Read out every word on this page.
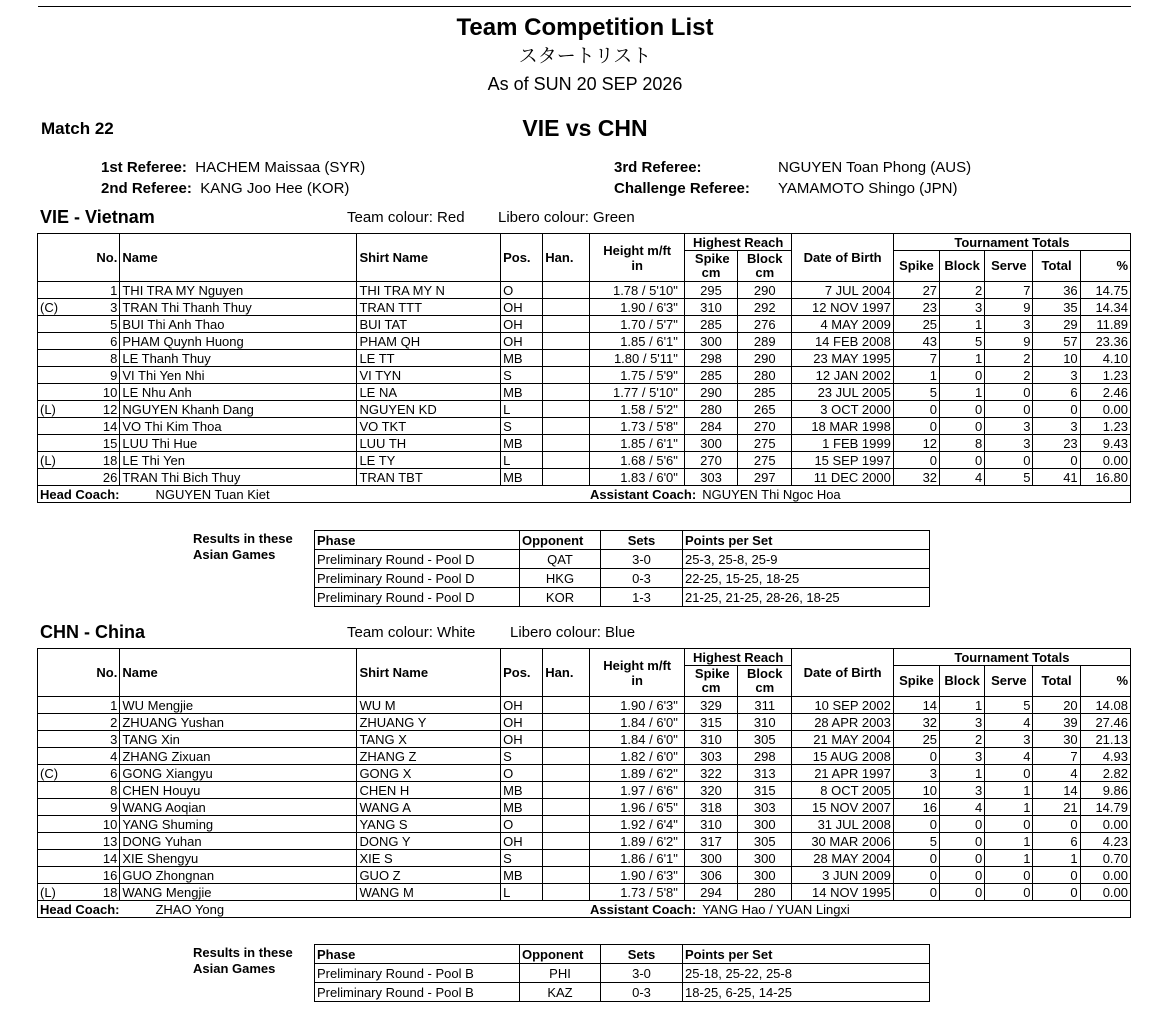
Team Competition List
スタートリスト
As of SUN 20 SEP 2026
Match 22	VIE vs CHN
1st Referee: HACHEM Maissaa (SYR)
2nd Referee: KANG Joo Hee (KOR)
3rd Referee:	NGUYEN Toan Phong (AUS)
Challenge Referee: YAMAMOTO Shingo (JPN)
VIE - Vietnam	Team colour: Red Libero colour: Green
	No.	Name	Shirt Name	Pos.	Han.	Height m/ft in	Highest Reach		Date of Birth	Tournament Totals				
							Spike cm	Block cm		Spike	Block	Serve	Total	%
	1	THI TRA MY Nguyen	THI TRA MY N	O		1.78 / 5'10"	295	290	7 JUL 2004	27	2	7	36	14.75
(C)	3	TRAN Thi Thanh Thuy	TRAN TTT	OH		1.90 / 6'3"	310	292	12 NOV 1997	23	3	9	35	14.34
	5	BUI Thi Anh Thao	BUI TAT	OH		1.70 / 5'7"	285	276	4 MAY 2009	25	1	3	29	11.89
	6	PHAM Quynh Huong	PHAM QH	OH		1.85 / 6'1"	300	289	14 FEB 2008	43	5	9	57	23.36
	8	LE Thanh Thuy	LE TT	MB		1.80 / 5'11"	298	290	23 MAY 1995	7	1	2	10	4.10
	9	VI Thi Yen Nhi	VI TYN	S		1.75 / 5'9"	285	280	12 JAN 2002	1	0	2	3	1.23
	10	LE Nhu Anh	LE NA	MB		1.77 / 5'10"	290	285	23 JUL 2005	5	1	0	6	2.46
(L)	12	NGUYEN Khanh Dang	NGUYEN KD	L		1.58 / 5'2"	280	265	3 OCT 2000	0	0	0	0	0.00
	14	VO Thi Kim Thoa	VO TKT	S		1.73 / 5'8"	284	270	18 MAR 1998	0	0	3	3	1.23
	15	LUU Thi Hue	LUU TH	MB		1.85 / 6'1"	300	275	1 FEB 1999	12	8	3	23	9.43
(L)	18	LE Thi Yen	LE TY	L		1.68 / 5'6"	270	275	15 SEP 1997	0	0	0	0	0.00
	26	TRAN Thi Bich Thuy	TRAN TBT	MB		1.83 / 6'0"	303	297	11 DEC 2000	32	4	5	41	16.80
Head Coach: NGUYEN Tuan Kiet						Assistant Coach: NGUYEN Thi Ngoc Hoa								
Results in these Asian Games
Phase	Opponent	Sets	Points per Set
Preliminary Round - Pool D	QAT	3-0	25-3, 25-8, 25-9
Preliminary Round - Pool D	HKG	0-3	22-25, 15-25, 18-25
Preliminary Round - Pool D	KOR	1-3	21-25, 21-25, 28-26, 18-25
CHN - China	Team colour: White Libero colour: Blue
	No.	Name	Shirt Name	Pos.	Han.	Height m/ft in	Highest Reach		Date of Birth	Tournament Totals				
							Spike cm	Block cm		Spike	Block	Serve	Total	%
	1	WU Mengjie	WU M	OH		1.90 / 6'3"	329	311	10 SEP 2002	14	1	5	20	14.08
	2	ZHUANG Yushan	ZHUANG Y	OH		1.84 / 6'0"	315	310	28 APR 2003	32	3	4	39	27.46
	3	TANG Xin	TANG X	OH		1.84 / 6'0"	310	305	21 MAY 2004	25	2	3	30	21.13
	4	ZHANG Zixuan	ZHANG Z	S		1.82 / 6'0"	303	298	15 AUG 2008	0	3	4	7	4.93
(C)	6	GONG Xiangyu	GONG X	O		1.89 / 6'2"	322	313	21 APR 1997	3	1	0	4	2.82
	8	CHEN Houyu	CHEN H	MB		1.97 / 6'6"	320	315	8 OCT 2005	10	3	1	14	9.86
	9	WANG Aoqian	WANG A	MB		1.96 / 6'5"	318	303	15 NOV 2007	16	4	1	21	14.79
	10	YANG Shuming	YANG S	O		1.92 / 6'4"	310	300	31 JUL 2008	0	0	0	0	0.00
	13	DONG Yuhan	DONG Y	OH		1.89 / 6'2"	317	305	30 MAR 2006	5	0	1	6	4.23
	14	XIE Shengyu	XIE S	S		1.86 / 6'1"	300	300	28 MAY 2004	0	0	1	1	0.70
	16	GUO Zhongnan	GUO Z	MB		1.90 / 6'3"	306	300	3 JUN 2009	0	0	0	0	0.00
(L)	18	WANG Mengjie	WANG M	L		1.73 / 5'8"	294	280	14 NOV 1995	0	0	0	0	0.00
Head Coach: ZHAO Yong						Assistant Coach: YANG Hao / YUAN Lingxi								
Results in these Asian Games
Phase	Opponent	Sets	Points per Set
Preliminary Round - Pool B	PHI	3-0	25-18, 25-22, 25-8
Preliminary Round - Pool B	KAZ	0-3	18-25, 6-25, 14-25
